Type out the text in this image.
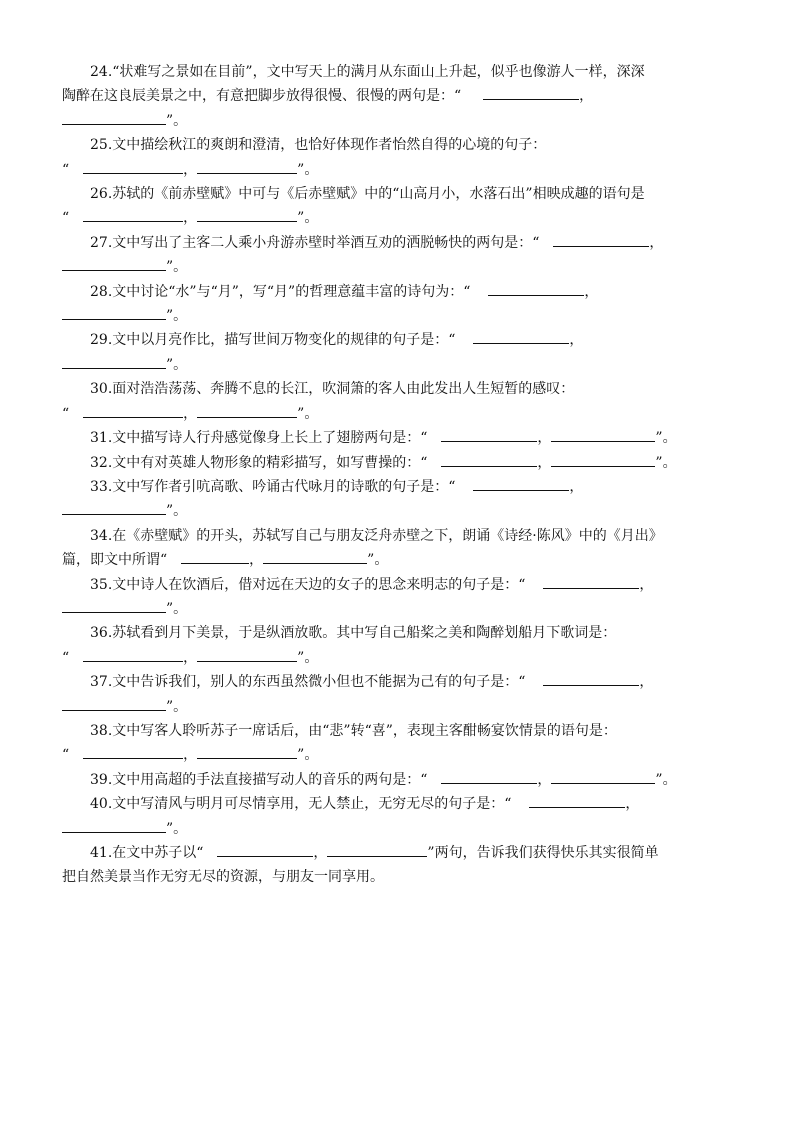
24.“状难写之景如在目前”，文中写天上的满月从东面山上升起，似乎也像游人一样，深深

陶醉在这良辰美景之中，有意把脚步放得很慢、很慢的两句是：“	，

”。

25.文中描绘秋江的爽朗和澄清，也恰好体现作者怡然自得的心境的句子：

“	，	”。

26.苏轼的《前赤壁赋》中可与《后赤壁赋》中的“山高月小，水落石出”相映成趣的语句是

“	，	”。

27.文中写出了主客二人乘小舟游赤壁时举酒互劝的洒脱畅快的两句是：“	，

”。

28.文中讨论“水”与“月”，写“月”的哲理意蕴丰富的诗句为：“	，

”。

29.文中以月亮作比，描写世间万物变化的规律的句子是：“	，

”。

30.面对浩浩荡荡、奔腾不息的长江，吹洞箫的客人由此发出人生短暂的感叹：

“	，	”。

31.文中描写诗人行舟感觉像身上长上了翅膀两句是：“	，	”。

32.文中有对英雄人物形象的精彩描写，如写曹操的：“	，	”。

33.文中写作者引吭高歌、吟诵古代咏月的诗歌的句子是：“	，

”。

34.在《赤壁赋》的开头，苏轼写自己与朋友泛舟赤壁之下，朗诵《诗经·陈风》中的《月出》

篇，即文中所谓“	，	”。

35.文中诗人在饮酒后，借对远在天边的女子的思念来明志的句子是：“	，

”。

36.苏轼看到月下美景，于是纵酒放歌。其中写自己船桨之美和陶醉划船月下歌词是：

“	，	”。

37.文中告诉我们，别人的东西虽然微小但也不能据为己有的句子是：“	，

”。

38.文中写客人聆听苏子一席话后，由“悲”转“喜”，表现主客酣畅宴饮情景的语句是：

“	，	”。

39.文中用高超的手法直接描写动人的音乐的两句是：“	，	”。

40.文中写清风与明月可尽情享用，无人禁止，无穷无尽的句子是：“	，

”。

41.在文中苏子以“	，	”两句，告诉我们获得快乐其实很简单

把自然美景当作无穷无尽的资源，与朋友一同享用。
